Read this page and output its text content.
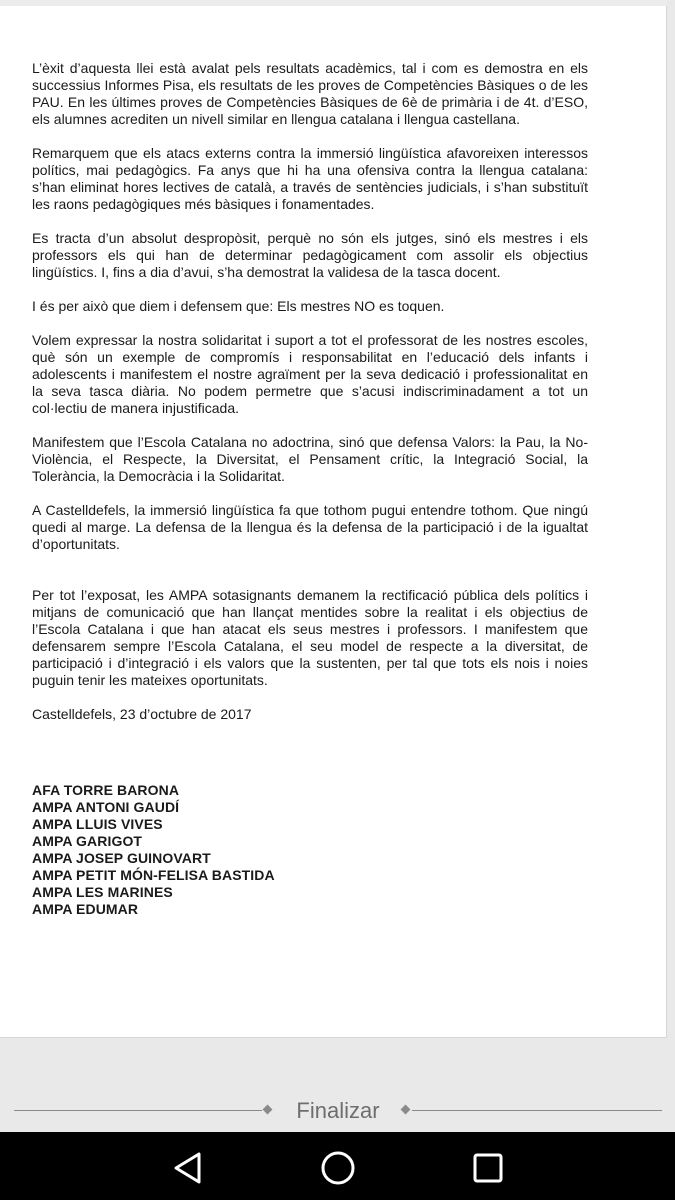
L’èxit d’aquesta llei està avalat pels resultats acadèmics, tal i com es demostra en els successius Informes Pisa, els resultats de les proves de Competències Bàsiques o de les PAU. En les últimes proves de Competències Bàsiques de 6è de primària i de 4t. d’ESO, els alumnes acrediten un nivell similar en llengua catalana i llengua castellana.

Remarquem que els atacs externs contra la immersió lingüística afavoreixen interessos polítics, mai pedagògics. Fa anys que hi ha una ofensiva contra la llengua catalana: s’han eliminat hores lectives de català, a través de sentències judicials, i s’han substituït les raons pedagògiques més bàsiques i fonamentades.

Es tracta d’un absolut despropòsit, perquè no són els jutges, sinó els mestres i els professors els qui han de determinar pedagògicament com assolir els objectius lingüístics. I, fins a dia d’avui, s’ha demostrat la validesa de la tasca docent.

I és per això que diem i defensem que: Els mestres NO es toquen.

Volem expressar la nostra solidaritat i suport a tot el professorat de les nostres escoles, què són un exemple de compromís i responsabilitat en l’educació dels infants i adolescents i manifestem el nostre agraïment per la seva dedicació i professionalitat en la seva tasca diària. No podem permetre que s’acusi indiscriminadament a tot un col·lectiu de manera injustificada.

Manifestem que l’Escola Catalana no adoctrina, sinó que defensa Valors: la Pau, la No-Violència, el Respecte, la Diversitat, el Pensament crític, la Integració Social, la Tolerància, la Democràcia i la Solidaritat.

A Castelldefels, la immersió lingüística fa que tothom pugui entendre tothom. Que ningú quedi al marge. La defensa de la llengua és la defensa de la participació i de la igualtat d’oportunitats.

Per tot l’exposat, les AMPA sotasignants demanem la rectificació pública dels polítics i mitjans de comunicació que han llançat mentides sobre la realitat i els objectius de l’Escola Catalana i que han atacat els seus mestres i professors. I manifestem que defensarem sempre l’Escola Catalana, el seu model de respecte a la diversitat, de participació i d’integració i els valors que la sustenten, per tal que tots els nois i noies puguin tenir les mateixes oportunitats.

Castelldefels, 23 d’octubre de 2017

AFA TORRE BARONA

AMPA ANTONI GAUDÍ

AMPA LLUIS VIVES

AMPA GARIGOT

AMPA JOSEP GUINOVART

AMPA PETIT MÓN-FELISA BASTIDA

AMPA LES MARINES

AMPA EDUMAR

Finalizar
